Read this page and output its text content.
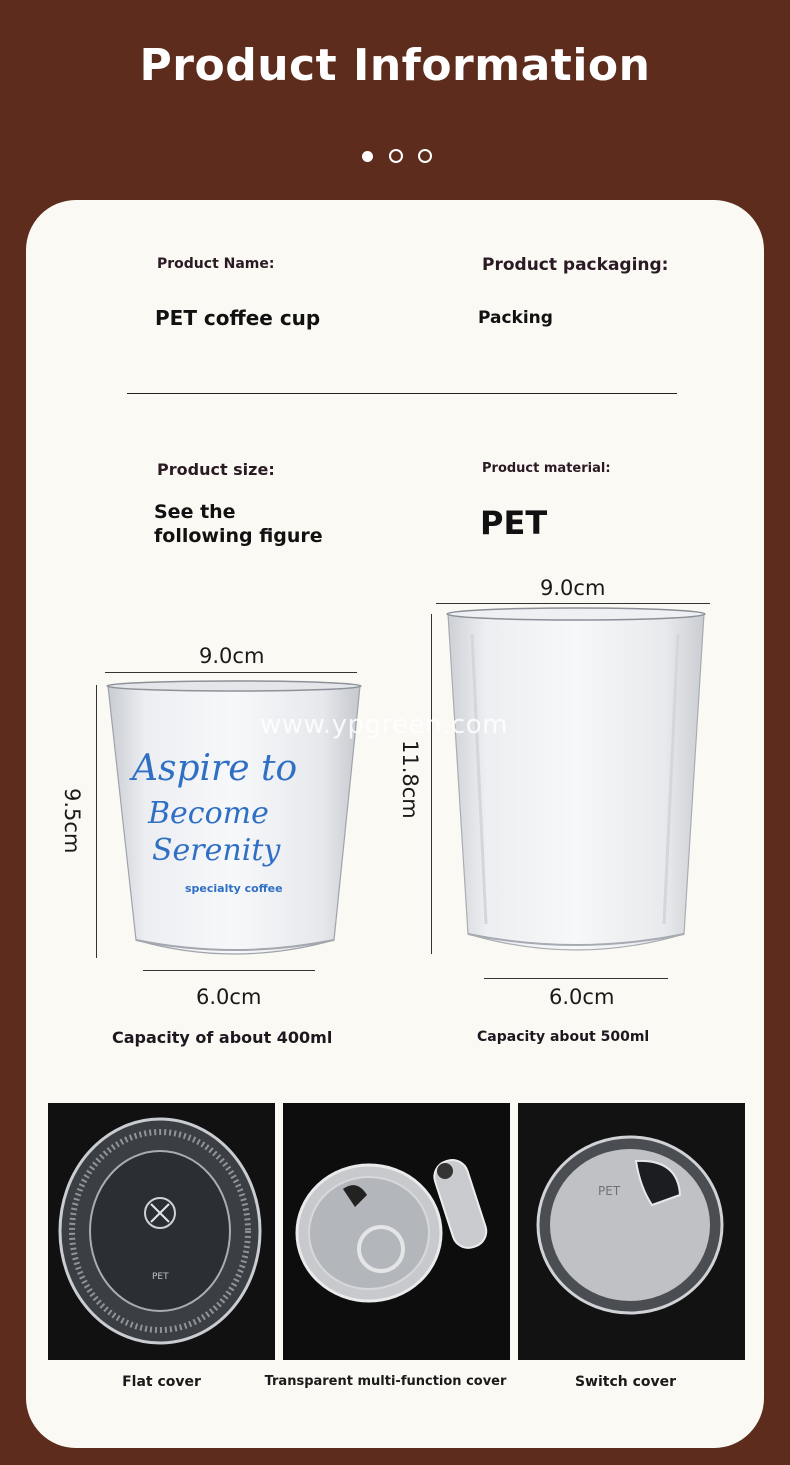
Product Information
Product Name:
PET coffee cup
Product packaging:
Packing
Product size:
See the
following figure
Product material:
PET
9.0cm
9.5cm
6.0cm
Aspire to
Become
Serenity
specialty coffee
9.0cm
11.8cm
6.0cm
www.ypgreen.com
Capacity of about 400ml	Capacity about 500ml
PET
PET
Flat cover	Transparent multi-function cover	Switch cover
